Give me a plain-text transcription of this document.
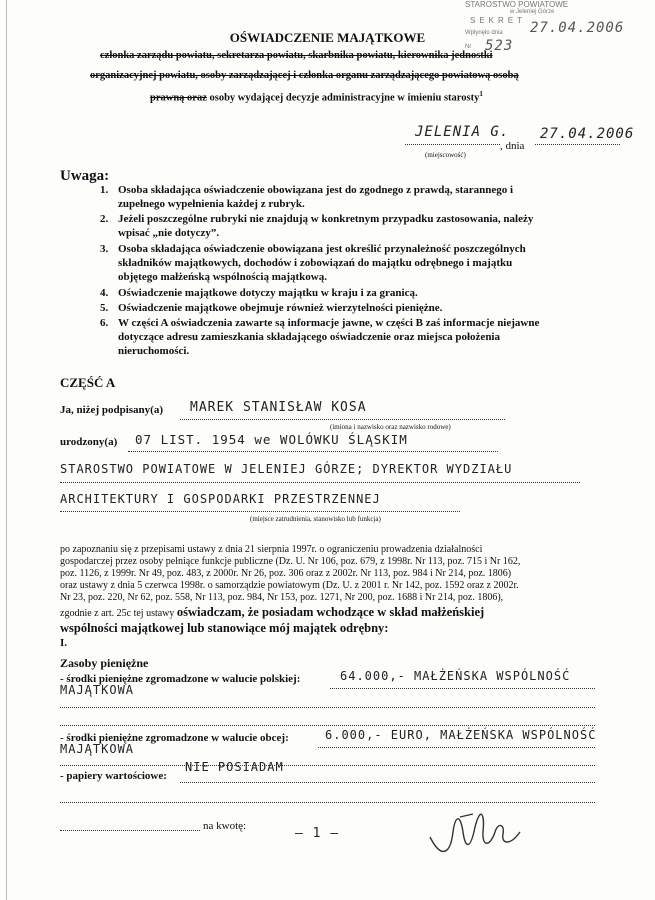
STAROSTWO POWIATOWE
w Jeleniej Górze
SEKRET
Wpłynęło dnia
Nr
27.04.2006
523
OŚWIADCZENIE MAJĄTKOWE
członka zarządu powiatu, sekretarza powiatu, skarbnika powiatu, kierownika jednostki
organizacyjnej powiatu, osoby zarządzającej i członka organu zarządzającego powiatową osobą
prawną oraz osoby wydającej decyzje administracyjne w imieniu starosty$^1$
JELENIA G.
, dnia
27.04.2006
(miejscowość)
Uwaga:
1. Osoba składająca oświadczenie obowiązana jest do zgodnego z prawdą, starannego i
zupełnego wypełnienia każdej z rubryk.
2. Jeżeli poszczególne rubryki nie znajdują w konkretnym przypadku zastosowania, należy
wpisać „nie dotyczy”.
3. Osoba składająca oświadczenie obowiązana jest określić przynależność poszczególnych
składników majątkowych, dochodów i zobowiązań do majątku odrębnego i majątku
objętego małżeńską wspólnością majątkową.
4. Oświadczenie majątkowe dotyczy majątku w kraju i za granicą.
5. Oświadczenie majątkowe obejmuje również wierzytelności pieniężne.
6. W części A oświadczenia zawarte są informacje jawne, w części B zaś informacje niejawne
dotyczące adresu zamieszkania składającego oświadczenie oraz miejsca położenia
nieruchomości.
CZĘŚĆ A
Ja, niżej podpisany(a) MAREK STANISŁAW KOSA
(imiona i nazwisko oraz nazwisko rodowe)
urodzony(a) 07 LIST. 1954 we WOLÓWKU ŚLĄSKIM
STAROSTWO POWIATOWE W JELENIEJ GÓRZE; DYREKTOR WYDZIAŁU
ARCHITEKTURY I GOSPODARKI PRZESTRZENNEJ
(miejsce zatrudnienia, stanowisko lub funkcja)
po zapoznaniu się z przepisami ustawy z dnia 21 sierpnia 1997r. o ograniczeniu prowadzenia działalności
gospodarczej przez osoby pełniące funkcje publiczne (Dz. U. Nr 106, poz. 679, z 1998r. Nr 113, poz. 715 i Nr 162,
poz. 1126, z 1999r. Nr 49, poz. 483, z 2000r. Nr 26, poz. 306 oraz z 2002r. Nr 113, poz. 984 i Nr 214, poz. 1806)
oraz ustawy z dnia 5 czerwca 1998r. o samorządzie powiatowym (Dz. U. z 2001 r. Nr 142, poz. 1592 oraz z 2002r.
Nr 23, poz. 220, Nr 62, poz. 558, Nr 113, poz. 984, Nr 153, poz. 1271, Nr 200, poz. 1688 i Nr 214, poz. 1806),
zgodnie z art. 25c tej ustawy oświadczam, że posiadam wchodzące w skład małżeńskiej
wspólności majątkowej lub stanowiące mój majątek odrębny:
I.
Zasoby pieniężne
- środki pieniężne zgromadzone w walucie polskiej:	64.000,- MAŁŻEŃSKA WSPÓLNOŚĆ
MAJĄTKOWA
- środki pieniężne zgromadzone w walucie obcej:	6.000,- EURO, MAŁŻEŃSKA WSPÓLNOŚĆ
MAJĄTKOWA
- papiery wartościowe:
NIE POSIADAM
na kwotę:	– 1 –
